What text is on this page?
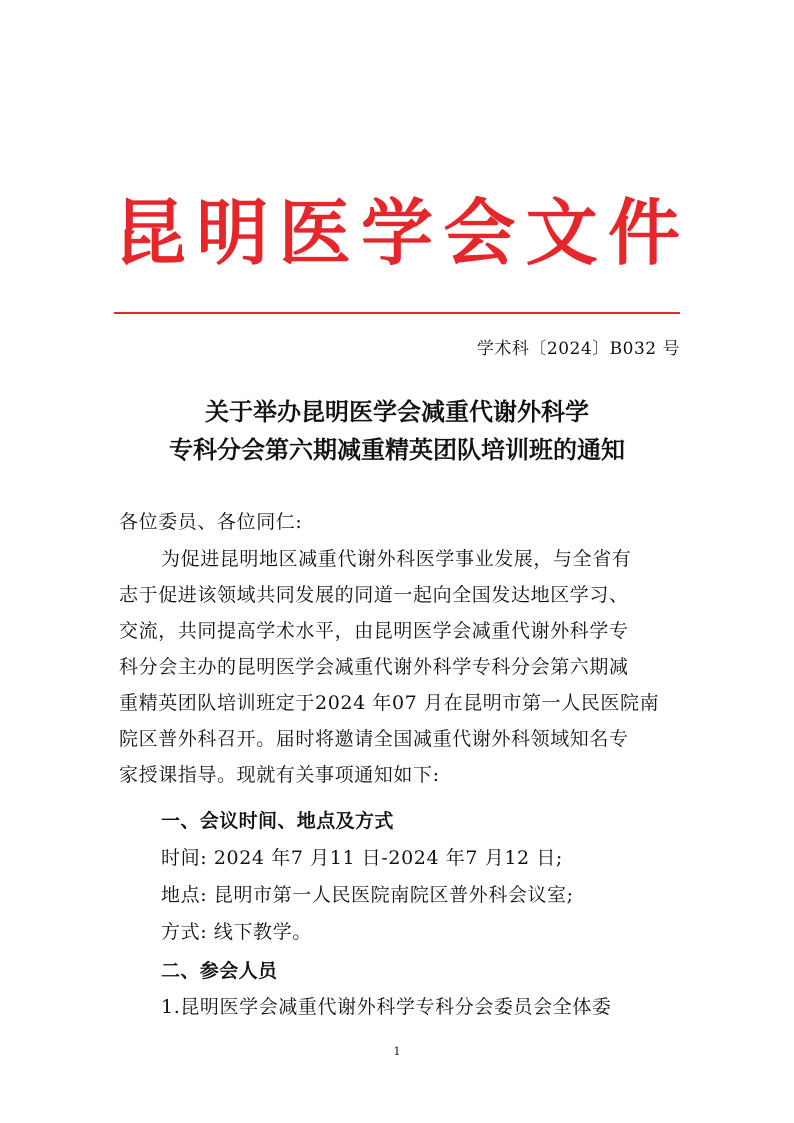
昆 明 医 学 会 文 件
学术科〔2024〕B032 号
关于举办昆明医学会减重代谢外科学
专科分会第六期减重精英团队培训班的通知
各位委员、各位同仁:
为促进昆明地区减重代谢外科医学事业发展，与全省有
志于促进该领域共同发展的同道一起向全国发达地区学习、
交流，共同提高学术水平，由昆明医学会减重代谢外科学专
科分会主办的昆明医学会减重代谢外科学专科分会第六期减
重精英团队培训班定于2024 年07 月在昆明市第一人民医院南
院区普外科召开。届时将邀请全国减重代谢外科领域知名专
家授课指导。现就有关事项通知如下:
一、会议时间、地点及方式
时间: 2024 年7 月11 日-2024 年7 月12 日;
地点: 昆明市第一人民医院南院区普外科会议室;
方式: 线下教学。
二、参会人员
1.昆明医学会减重代谢外科学专科分会委员会全体委
1
